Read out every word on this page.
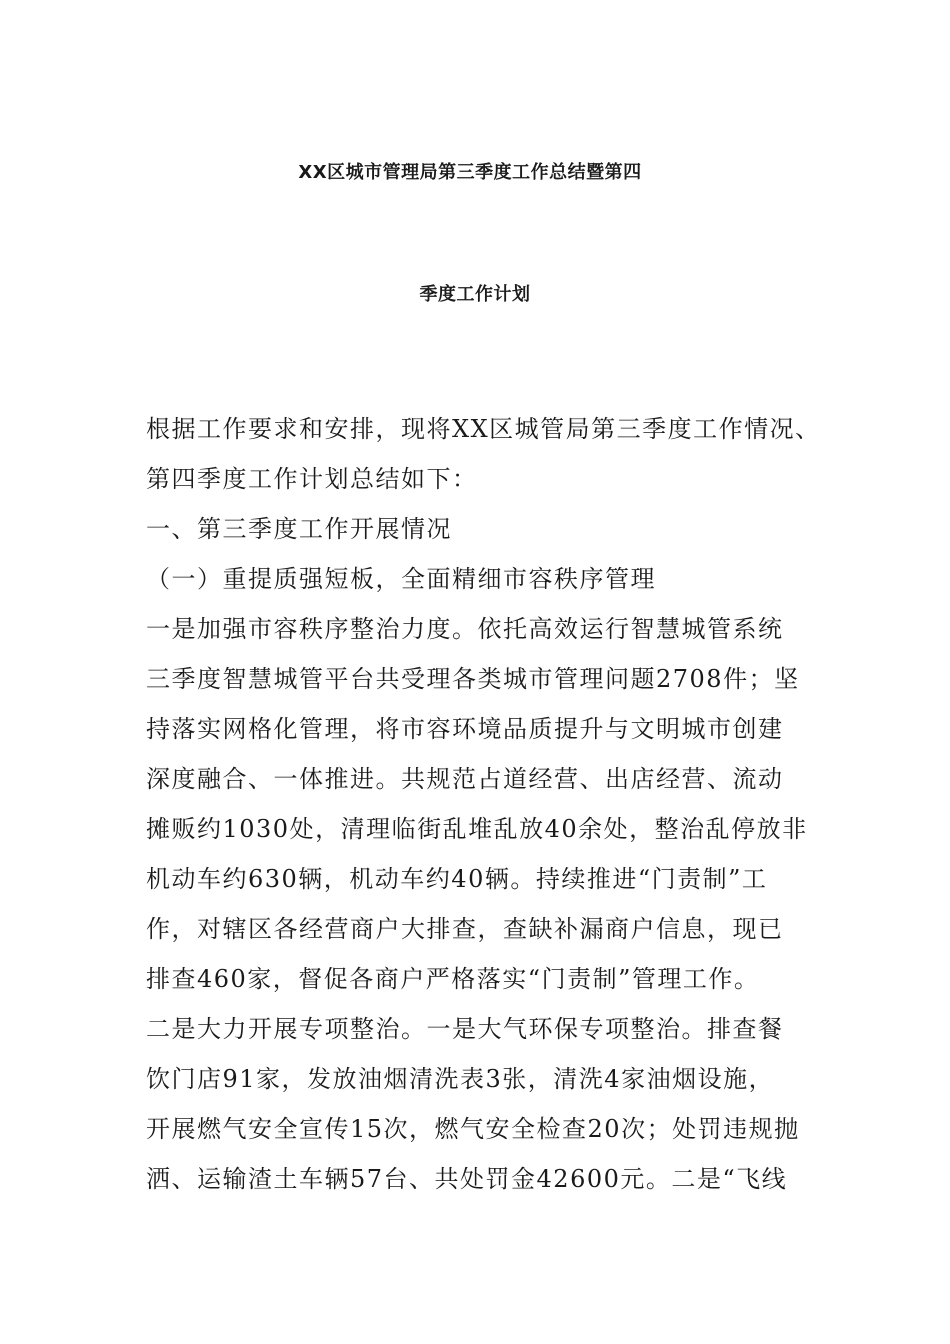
XX区城市管理局第三季度工作总结暨第四
季度工作计划
根据工作要求和安排，现将XX区城管局第三季度工作情况、
第四季度工作计划总结如下：
一、第三季度工作开展情况
（一）重提质强短板，全面精细市容秩序管理
一是加强市容秩序整治力度。依托高效运行智慧城管系统
三季度智慧城管平台共受理各类城市管理问题2708件；坚
持落实网格化管理，将市容环境品质提升与文明城市创建
深度融合、一体推进。共规范占道经营、出店经营、流动
摊贩约1030处，清理临街乱堆乱放40余处，整治乱停放非
机动车约630辆，机动车约40辆。持续推进“门责制”工
作，对辖区各经营商户大排查，查缺补漏商户信息，现已
排查460家，督促各商户严格落实“门责制”管理工作。
二是大力开展专项整治。一是大气环保专项整治。排查餐
饮门店91家，发放油烟清洗表3张，清洗4家油烟设施，
开展燃气安全宣传15次，燃气安全检查20次；处罚违规抛
洒、运输渣土车辆57台、共处罚金42600元。二是“飞线
